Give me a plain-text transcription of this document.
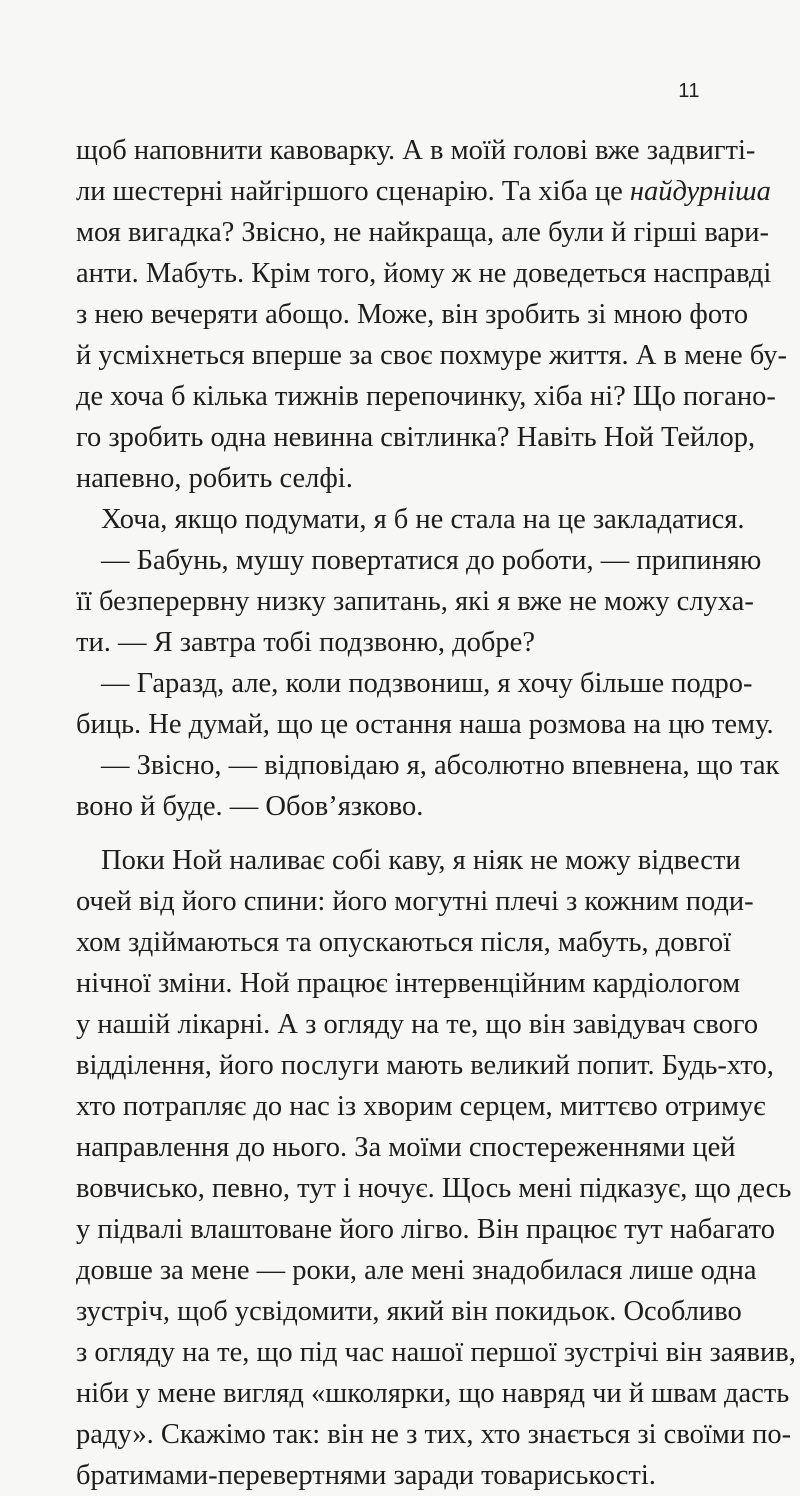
11
щоб наповнити кавоварку. А в моїй голові вже задвигті-
ли шестерні найгіршого сценарію. Та хіба це найдурніша
моя вигадка? Звісно, не найкраща, але були й гірші вари-
анти. Мабуть. Крім того, йому ж не доведеться насправді
з нею вечеряти абощо. Може, він зробить зі мною фото
й усміхнеться вперше за своє похмуре життя. А в мене бу-
де хоча б кілька тижнів перепочинку, хіба ні? Що погано-
го зробить одна невинна світлинка? Навіть Ной Тейлор,
напевно, робить селфі.
Хоча, якщо подумати, я б не стала на це закладатися.
— Бабунь, мушу повертатися до роботи, — припиняю
її безперервну низку запитань, які я вже не можу слуха-
ти. — Я завтра тобі подзвоню, добре?
— Гаразд, але, коли подзвониш, я хочу більше подро-
биць. Не думай, що це остання наша розмова на цю тему.
— Звісно, — відповідаю я, абсолютно впевнена, що так
воно й буде. — Обов’язково.
Поки Ной наливає собі каву, я ніяк не можу відвести
очей від його спини: його могутні плечі з кожним поди-
хом здіймаються та опускаються після, мабуть, довгої
нічної зміни. Ной працює інтервенційним кардіологом
у нашій лікарні. А з огляду на те, що він завідувач свого
відділення, його послуги мають великий попит. Будь-хто,
хто потрапляє до нас із хворим серцем, миттєво отримує
направлення до нього. За моїми спостереженнями цей
вовчисько, певно, тут і ночує. Щось мені підказує, що десь
у підвалі влаштоване його лігво. Він працює тут набагато
довше за мене — роки, але мені знадобилася лише одна
зустріч, щоб усвідомити, який він покидьок. Особливо
з огляду на те, що під час нашої першої зустрічі він заявив,
ніби у мене вигляд «школярки, що навряд чи й швам дасть
раду». Скажімо так: він не з тих, хто знається зі своїми по-
братимами-перевертнями заради товариськості.
